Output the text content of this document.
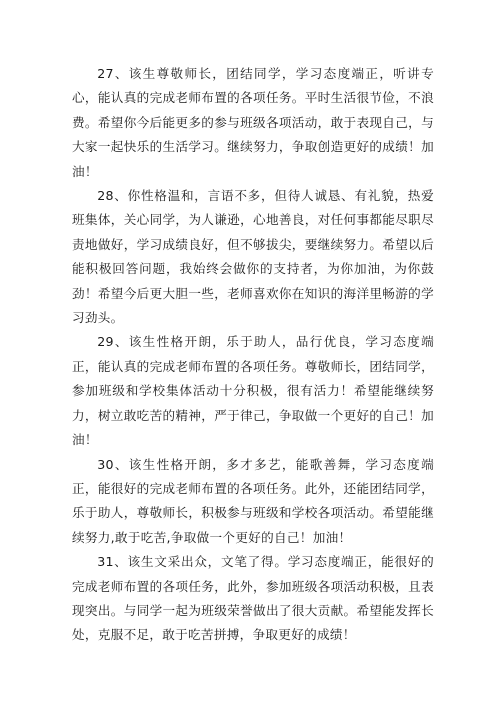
27、该生尊敬师长，团结同学，学习态度端正，听讲专心，能认真的完成老师布置的各项任务。平时生活很节俭，不浪费。希望你今后能更多的参与班级各项活动，敢于表现自己，与大家一起快乐的生活学习。继续努力，争取创造更好的成绩！加油！

28、你性格温和，言语不多，但待人诚恳、有礼貌，热爱班集体，关心同学，为人谦逊，心地善良，对任何事都能尽职尽责地做好，学习成绩良好，但不够拔尖，要继续努力。希望以后能积极回答问题，我始终会做你的支持者，为你加油，为你鼓劲！希望今后更大胆一些，老师喜欢你在知识的海洋里畅游的学习劲头。

29、该生性格开朗，乐于助人，品行优良，学习态度端正，能认真的完成老师布置的各项任务。尊敬师长，团结同学，参加班级和学校集体活动十分积极，很有活力！希望能继续努力，树立敢吃苦的精神，严于律己，争取做一个更好的自己！加油！

30、该生性格开朗，多才多艺，能歌善舞，学习态度端正，能很好的完成老师布置的各项任务。此外，还能团结同学，乐于助人，尊敬师长，积极参与班级和学校各项活动。希望能继续努力,敢于吃苦,争取做一个更好的自己！加油！

31、该生文采出众，文笔了得。学习态度端正，能很好的完成老师布置的各项任务，此外，参加班级各项活动积极，且表现突出。与同学一起为班级荣誉做出了很大贡献。希望能发挥长处，克服不足，敢于吃苦拼搏，争取更好的成绩！
